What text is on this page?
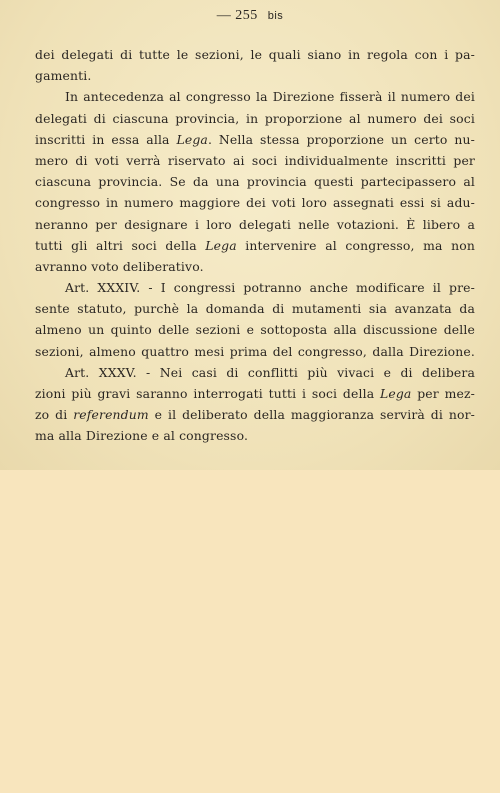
— 255 bis
dei delegati di tutte le sezioni, le quali siano in regola con i pa-
gamenti.
In antecedenza al congresso la Direzione fisserà il numero dei
delegati di ciascuna provincia, in proporzione al numero dei soci
inscritti in essa alla Lega. Nella stessa proporzione un certo nu-
mero di voti verrà riservato ai soci individualmente inscritti per
ciascuna provincia. Se da una provincia questi partecipassero al
congresso in numero maggiore dei voti loro assegnati essi si adu-
neranno per designare i loro delegati nelle votazioni. È libero a
tutti gli altri soci della Lega intervenire al congresso, ma non
avranno voto deliberativo.
Art. XXXIV. - I congressi potranno anche modificare il pre-
sente statuto, purchè la domanda di mutamenti sia avanzata da
almeno un quinto delle sezioni e sottoposta alla discussione delle
sezioni, almeno quattro mesi prima del congresso, dalla Direzione.
Art. XXXV. - Nei casi di conflitti più vivaci e di delibera
zioni più gravi saranno interrogati tutti i soci della Lega per mez-
zo di referendum e il deliberato della maggioranza servirà di nor-
ma alla Direzione e al congresso.
